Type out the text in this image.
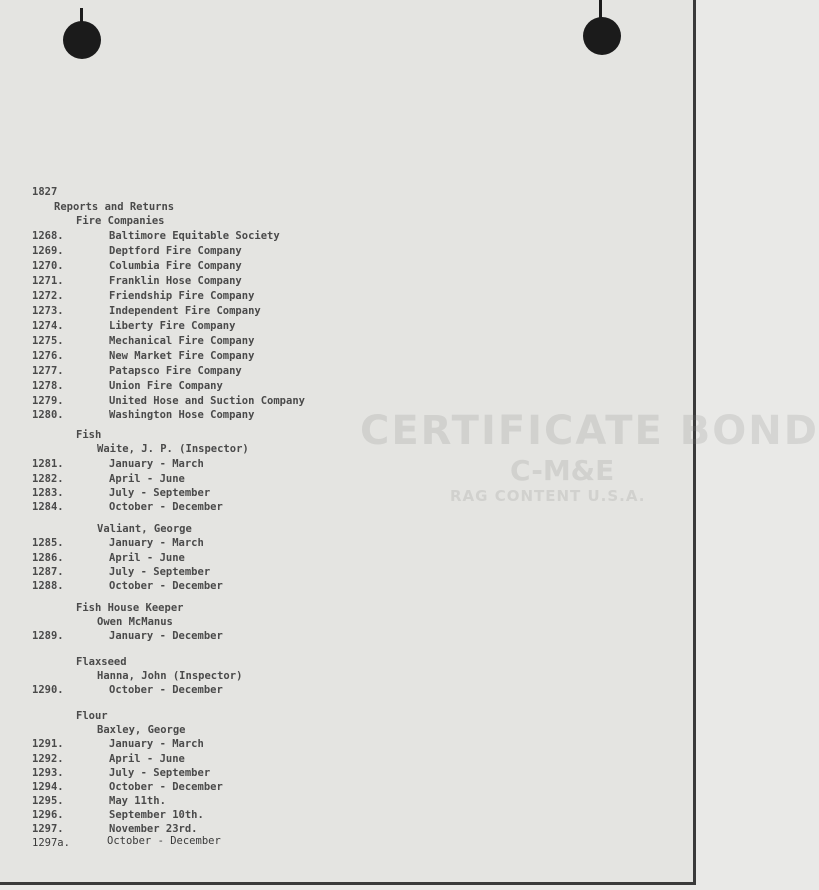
CERTIFICATE BOND
C-M&E
RAG CONTENT U.S.A.
1827
Reports and Returns
Fire Companies
1268.	Baltimore Equitable Society
1269.	Deptford Fire Company
1270.	Columbia Fire Company
1271.	Franklin Hose Company
1272.	Friendship Fire Company
1273.	Independent Fire Company
1274.	Liberty Fire Company
1275.	Mechanical Fire Company
1276.	New Market Fire Company
1277.	Patapsco Fire Company
1278.	Union Fire Company
1279.	United Hose and Suction Company
1280.	Washington Hose Company
Fish
Waite, J. P. (Inspector)
1281.	January - March
1282.	April - June
1283.	July - September
1284.	October - December
Valiant, George
1285.	January - March
1286.	April - June
1287.	July - September
1288.	October - December
Fish House Keeper
Owen McManus
1289.	January - December
Flaxseed
Hanna, John (Inspector)
1290.	October - December
Flour
Baxley, George
1291.	January - March
1292.	April - June
1293.	July - September
1294.	October - December
1295.	May 11th.
1296.	September 10th.
1297.	November 23rd.
1297a.	October - December
